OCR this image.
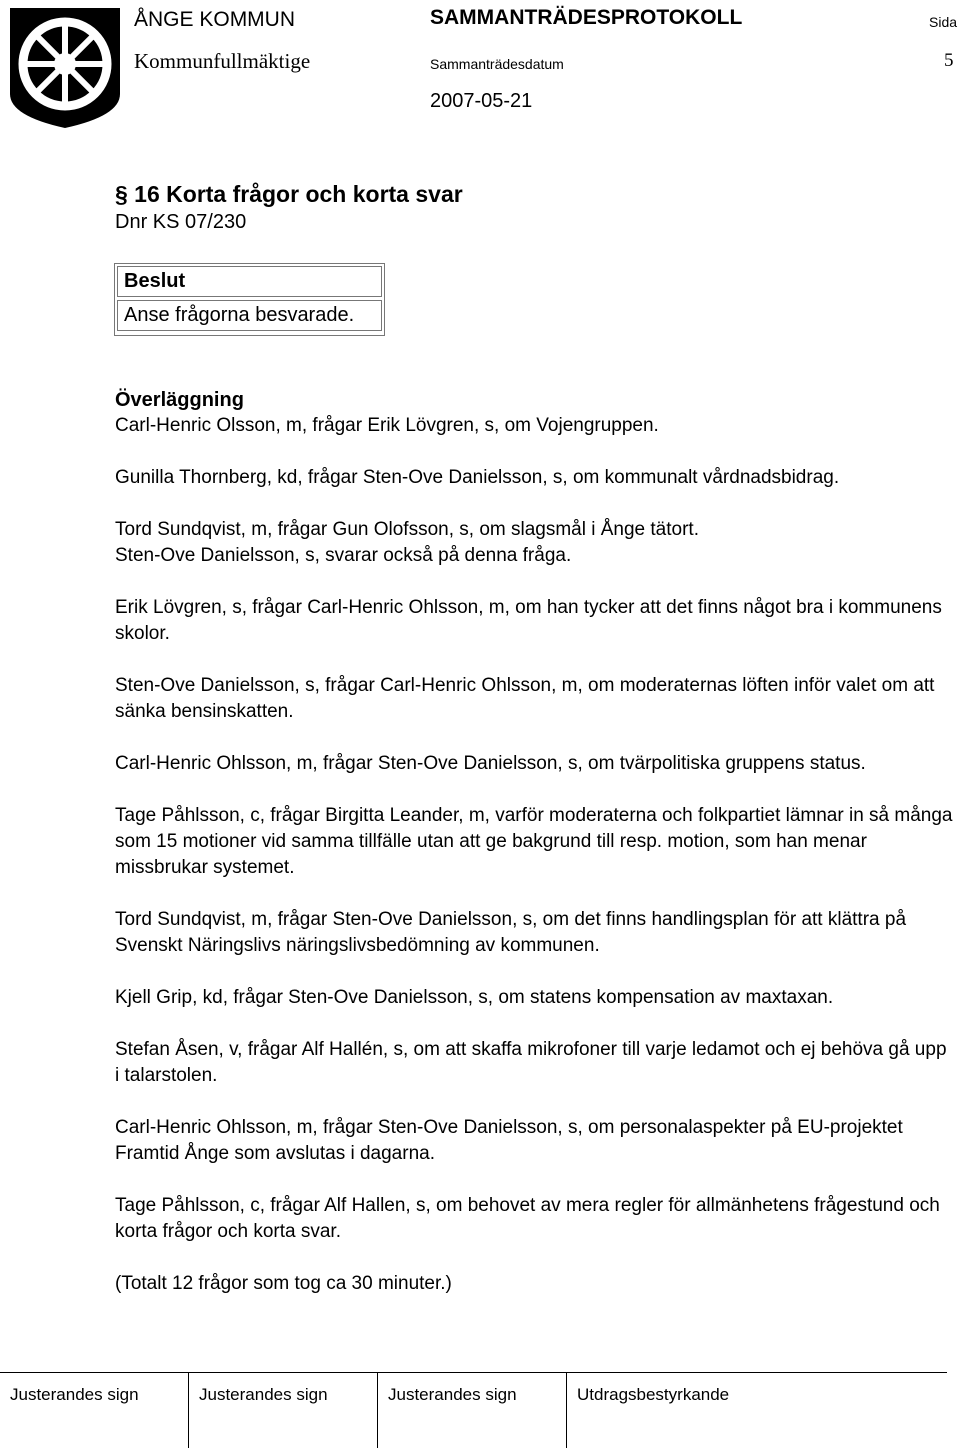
ÅNGE KOMMUN
Kommunfullmäktige
SAMMANTRÄDESPROTOKOLL
Sammanträdesdatum
2007-05-21
Sida
5
§ 16 Korta frågor och korta svar
Dnr KS 07/230
Beslut
Anse frågorna besvarade.
Överläggning

Carl-Henric Olsson, m, frågar Erik Lövgren, s, om Vojengruppen.

Gunilla Thornberg, kd, frågar Sten-Ove Danielsson, s, om kommunalt vårdnadsbidrag.

Tord Sundqvist, m, frågar Gun Olofsson, s, om slagsmål i Ånge tätort.

Sten-Ove Danielsson, s, svarar också på denna fråga.

Erik Lövgren, s, frågar Carl-Henric Ohlsson, m, om han tycker att det finns något bra i kommunens skolor.

Sten-Ove Danielsson, s, frågar Carl-Henric Ohlsson, m, om moderaternas löften inför valet om att sänka bensinskatten.

Carl-Henric Ohlsson, m, frågar Sten-Ove Danielsson, s, om tvärpolitiska gruppens status.

Tage Påhlsson, c, frågar Birgitta Leander, m, varför moderaterna och folkpartiet lämnar in så många som 15 motioner vid samma tillfälle utan att ge bakgrund till resp. motion, som han menar missbrukar systemet.

Tord Sundqvist, m, frågar Sten-Ove Danielsson, s, om det finns handlingsplan för att klättra på Svenskt Näringslivs näringslivsbedömning av kommunen.

Kjell Grip, kd, frågar Sten-Ove Danielsson, s, om statens kompensation av maxtaxan.

Stefan Åsen, v, frågar Alf Hallén, s, om att skaffa mikrofoner till varje ledamot och ej behöva gå upp i talarstolen.

Carl-Henric Ohlsson, m, frågar Sten-Ove Danielsson, s, om personalaspekter på EU-projektet Framtid Ånge som avslutas i dagarna.

Tage Påhlsson, c, frågar Alf Hallen, s, om behovet av mera regler för allmänhetens frågestund och korta frågor och korta svar.

(Totalt 12 frågor som tog ca 30 minuter.)

Justerandes sign	Justerandes sign	Justerandes sign	Utdragsbestyrkande
